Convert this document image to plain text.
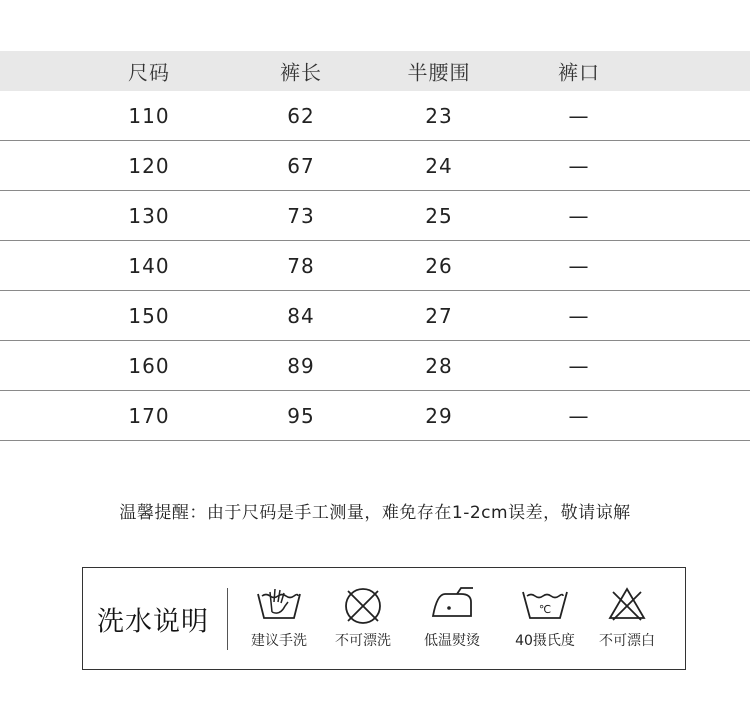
尺码	裤长	半腰围	裤口
110	62	23	—
120	67	24	—
130	73	25	—
140	78	26	—
150	84	27	—
160	89	28	—
170	95	29	—
温馨提醒：由于尺码是手工测量，难免存在1-2cm误差，敬请谅解
洗水说明
建议手洗 不可漂洗 低温熨烫
℃
40摄氏度 不可漂白
